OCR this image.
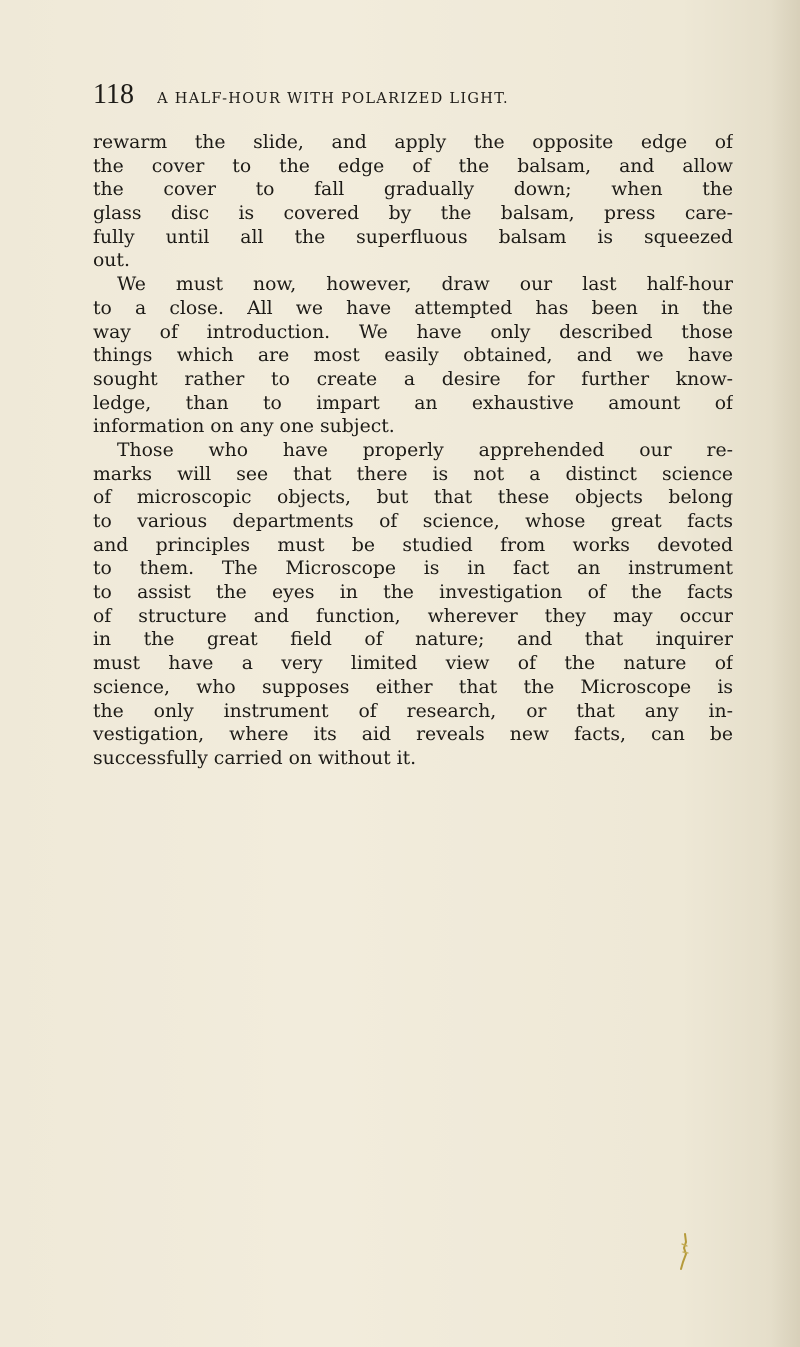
118 A HALF-HOUR WITH POLARIZED LIGHT.
rewarm the slide, and apply the opposite edge of
the cover to the edge of the balsam, and allow
the cover to fall gradually down; when the
glass disc is covered by the balsam, press care-
fully until all the superfluous balsam is squeezed
out.
We must now, however, draw our last half-hour
to a close. All we have attempted has been in the
way of introduction. We have only described those
things which are most easily obtained, and we have
sought rather to create a desire for further know-
ledge, than to impart an exhaustive amount of
information on any one subject.
Those who have properly apprehended our re-
marks will see that there is not a distinct science
of microscopic objects, but that these objects belong
to various departments of science, whose great facts
and principles must be studied from works devoted
to them. The Microscope is in fact an instrument
to assist the eyes in the investigation of the facts
of structure and function, wherever they may occur
in the great field of nature; and that inquirer
must have a very limited view of the nature of
science, who supposes either that the Microscope is
the only instrument of research, or that any in-
vestigation, where its aid reveals new facts, can be
successfully carried on without it.
